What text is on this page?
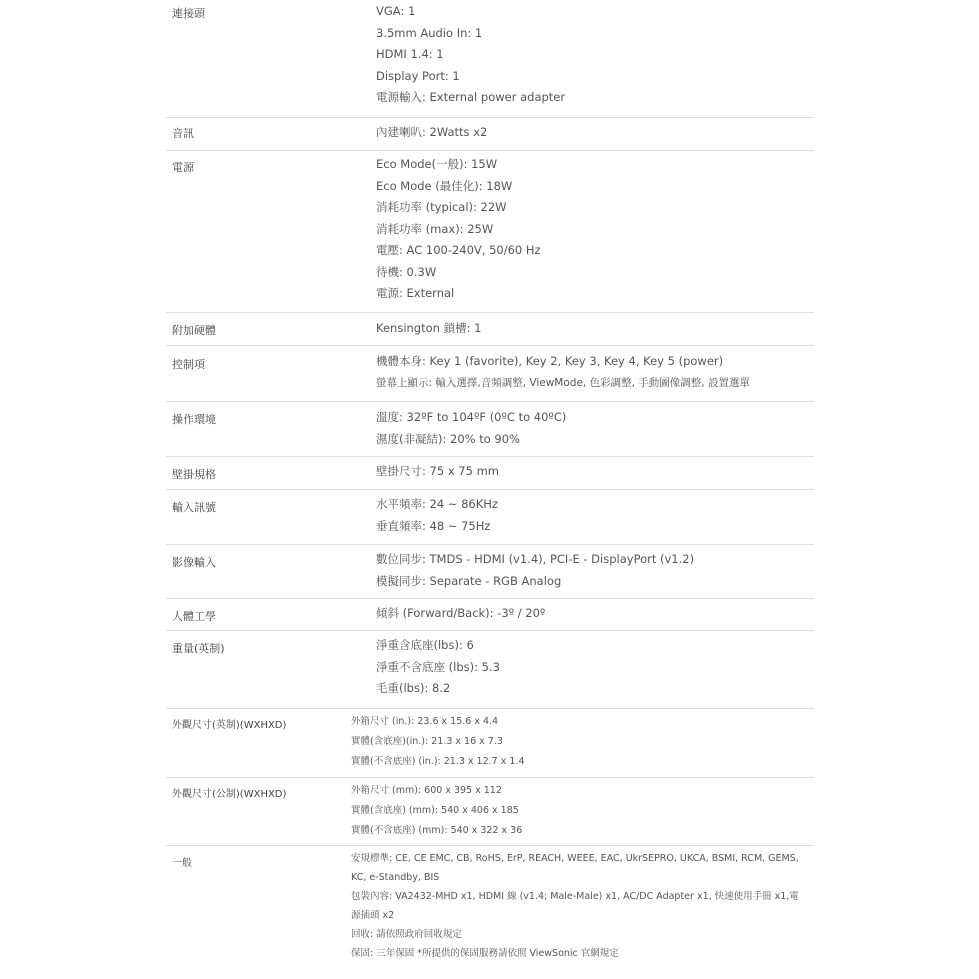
連接頭	VGA: 1
3.5mm Audio In: 1
HDMI 1.4: 1
Display Port: 1
電源輸入: External power adapter
音訊	內建喇叭: 2Watts x2
電源	Eco Mode(一般): 15W
Eco Mode (最佳化): 18W
消耗功率 (typical): 22W
消耗功率 (max): 25W
電壓: AC 100-240V, 50/60 Hz
待機: 0.3W
電源: External
附加硬體	Kensington 鎖槽: 1
控制項	機體本身: Key 1 (favorite), Key 2, Key 3, Key 4, Key 5 (power)
螢幕上顯示: 輸入選擇,音頻調整, ViewMode, 色彩調整, 手動圖像調整, 設置選單
操作環境	溫度: 32ºF to 104ºF (0ºC to 40ºC)
濕度(非凝結): 20% to 90%
壁掛規格	壁掛尺寸: 75 x 75 mm
輸入訊號	水平頻率: 24 ~ 86KHz
垂直頻率: 48 ~ 75Hz
影像輸入	數位同步: TMDS - HDMI (v1.4), PCI-E - DisplayPort (v1.2)
模擬同步: Separate - RGB Analog
人體工學	傾斜 (Forward/Back): -3º / 20º
重量(英制)	淨重含底座(lbs): 6
淨重不含底座 (lbs): 5.3
毛重(lbs): 8.2
外觀尺寸(英制)(WXHXD)	外箱尺寸 (in.): 23.6 x 15.6 x 4.4
實體(含底座)(in.): 21.3 x 16 x 7.3
實體(不含底座) (in.): 21.3 x 12.7 x 1.4
外觀尺寸(公制)(WXHXD)	外箱尺寸 (mm): 600 x 395 x 112
實體(含底座) (mm): 540 x 406 x 185
實體(不含底座) (mm): 540 x 322 x 36
一般	安規標準: CE, CE EMC, CB, RoHS, ErP, REACH, WEEE, EAC, UkrSEPRO, UKCA, BSMI, RCM, GEMS, KC, e-Standby, BIS
包裝內容: VA2432-MHD x1, HDMI 線 (v1.4; Male-Male) x1, AC/DC Adapter x1, 快速使用手冊 x1,電源插頭 x2
回收: 請依照政府回收規定
保固: 三年保固 *所提供的保固服務請依照 ViewSonic 官網規定
